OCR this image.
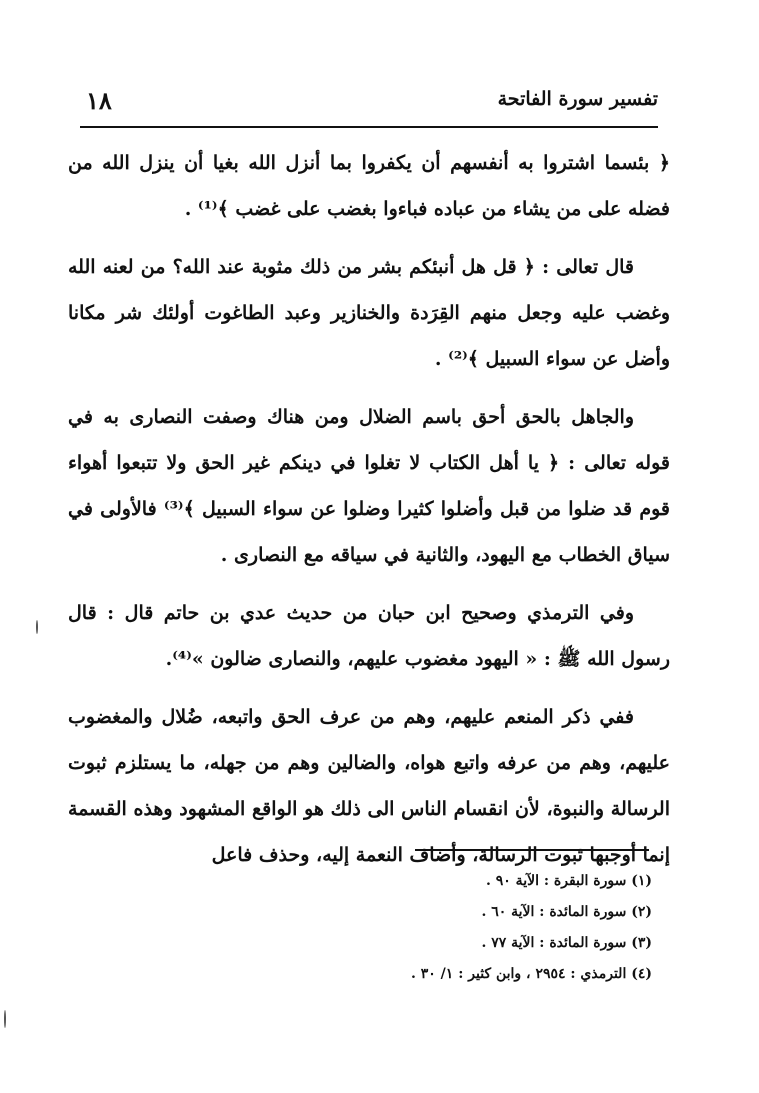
تفسير سورة الفاتحة
١٨

﴿ بئسما اشتروا به أنفسهم أن يكفروا بما أنزل الله بغيا أن ينزل الله من فضله على من يشاء من عباده فباءوا بغضب على غضب ﴾⁽¹⁾ .

قال تعالى : ﴿ قل هل أنبئكم بشر من ذلك مثوبة عند الله؟ من لعنه الله وغضب عليه وجعل منهم القِرَدة والخنازير وعبد الطاغوت أولئك شر مكانا وأضل عن سواء السبيل ﴾⁽²⁾ .

والجاهل بالحق أحق باسم الضلال ومن هناك وصفت النصارى به في قوله تعالى : ﴿ يا أهل الكتاب لا تغلوا في دينكم غير الحق ولا تتبعوا أهواء قوم قد ضلوا من قبل وأضلوا كثيرا وضلوا عن سواء السبيل ﴾⁽³⁾ فالأولى في سياق الخطاب مع اليهود، والثانية في سياقه مع النصارى .

وفي الترمذي وصحيح ابن حبان من حديث عدي بن حاتم قال : قال رسول الله ﷺ : « اليهود مغضوب عليهم، والنصارى ضالون »⁽⁴⁾.

ففي ذكر المنعم عليهم، وهم من عرف الحق واتبعه، ضُلال والمغضوب عليهم، وهم من عرفه واتبع هواه، والضالين وهم من جهله، ما يستلزم ثبوت الرسالة والنبوة، لأن انقسام الناس الى ذلك هو الواقع المشهود وهذه القسمة إنما أوجبها ثبوت الرسالة، وأضاف النعمة إليه، وحذف فاعل

(١) سورة البقرة : الآية ٩٠ .
(٢) سورة المائدة : الآية ٦٠ .
(٣) سورة المائدة : الآية ٧٧ .
(٤) الترمذي : ٢٩٥٤ ، وابن كثير : ١/ ٣٠ .
